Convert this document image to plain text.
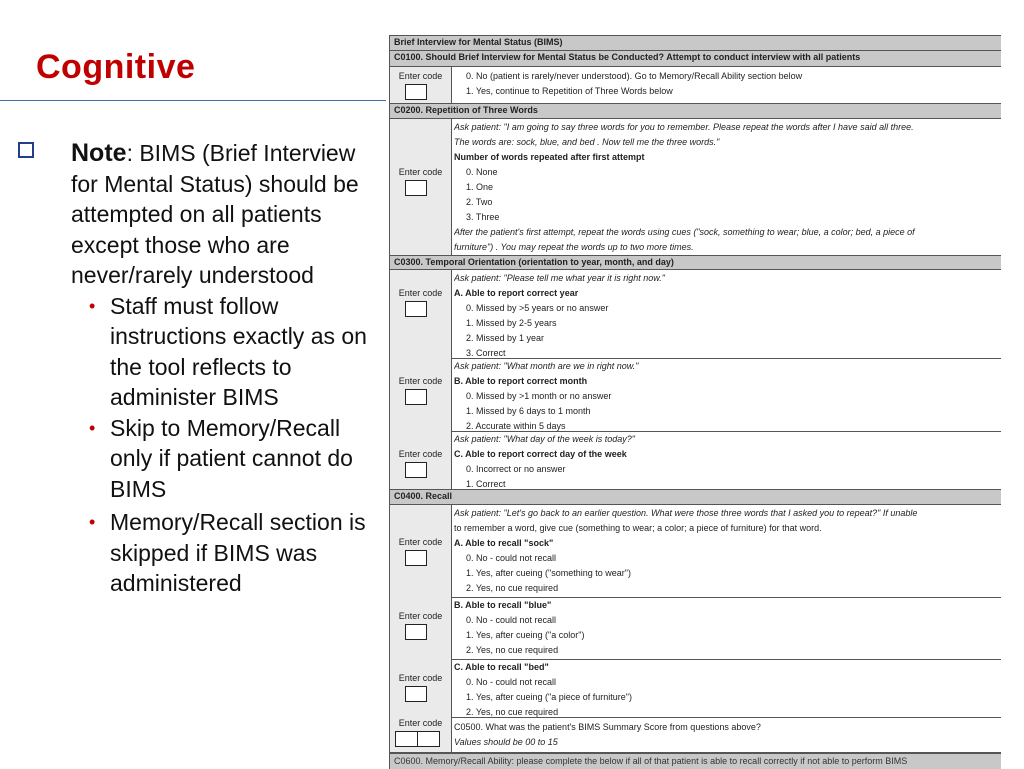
Cognitive

Note: BIMS (Brief Interview for Mental Status) should be attempted on all patients except those who are never/rarely understood

• Staff must follow instructions exactly as on the tool reflects to administer BIMS
• Skip to Memory/Recall only if patient cannot do BIMS
• Memory/Recall section is skipped if BIMS was administered
Brief Interview for Mental Status (BIMS)
C0100. Should Brief Interview for Mental Status be Conducted? Attempt to conduct interview with all patients
Enter code	0. No (patient is rarely/never understood). Go to Memory/Recall Ability section below
1. Yes, continue to Repetition of Three Words below
C0200. Repetition of Three Words
Enter code
Ask patient: "I am going to say three words for you to remember. Please repeat the words after I have said all three.
The words are: sock, blue, and bed . Now tell me the three words."
Number of words repeated after first attempt
0. None
1. One
2. Two
3. Three
After the patient's first attempt, repeat the words using cues ("sock, something to wear; blue, a color; bed, a piece of
furniture") . You may repeat the words up to two more times.
C0300. Temporal Orientation (orientation to year, month, and day)
Enter code
Ask patient: "Please tell me what year it is right now."
A. Able to report correct year
0. Missed by >5 years or no answer
1. Missed by 2-5 years
2. Missed by 1 year
3. Correct
Enter code
Ask patient: "What month are we in right now."
B. Able to report correct month
0. Missed by >1 month or no answer
1. Missed by 6 days to 1 month
2. Accurate within 5 days
Enter code
Ask patient: "What day of the week is today?"
C. Able to report correct day of the week
0. Incorrect or no answer
1. Correct
C0400. Recall
Enter code
Ask patient: "Let's go back to an earlier question. What were those three words that I asked you to repeat?" If unable
to remember a word, give cue (something to wear; a color; a piece of furniture) for that word.
A. Able to recall "sock"
0. No - could not recall
1. Yes, after cueing ("something to wear")
2. Yes, no cue required
Enter code
B. Able to recall "blue"
0. No - could not recall
1. Yes, after cueing ("a color")
2. Yes, no cue required
Enter code
C. Able to recall "bed"
0. No - could not recall
1. Yes, after cueing ("a piece of furniture")
2. Yes, no cue required
Enter code	C0500. What was the patient's BIMS Summary Score from questions above?
Values should be 00 to 15
C0600. Memory/Recall Ability: please complete the below if all of that patient is able to recall correctly if not able to perform BIMS
